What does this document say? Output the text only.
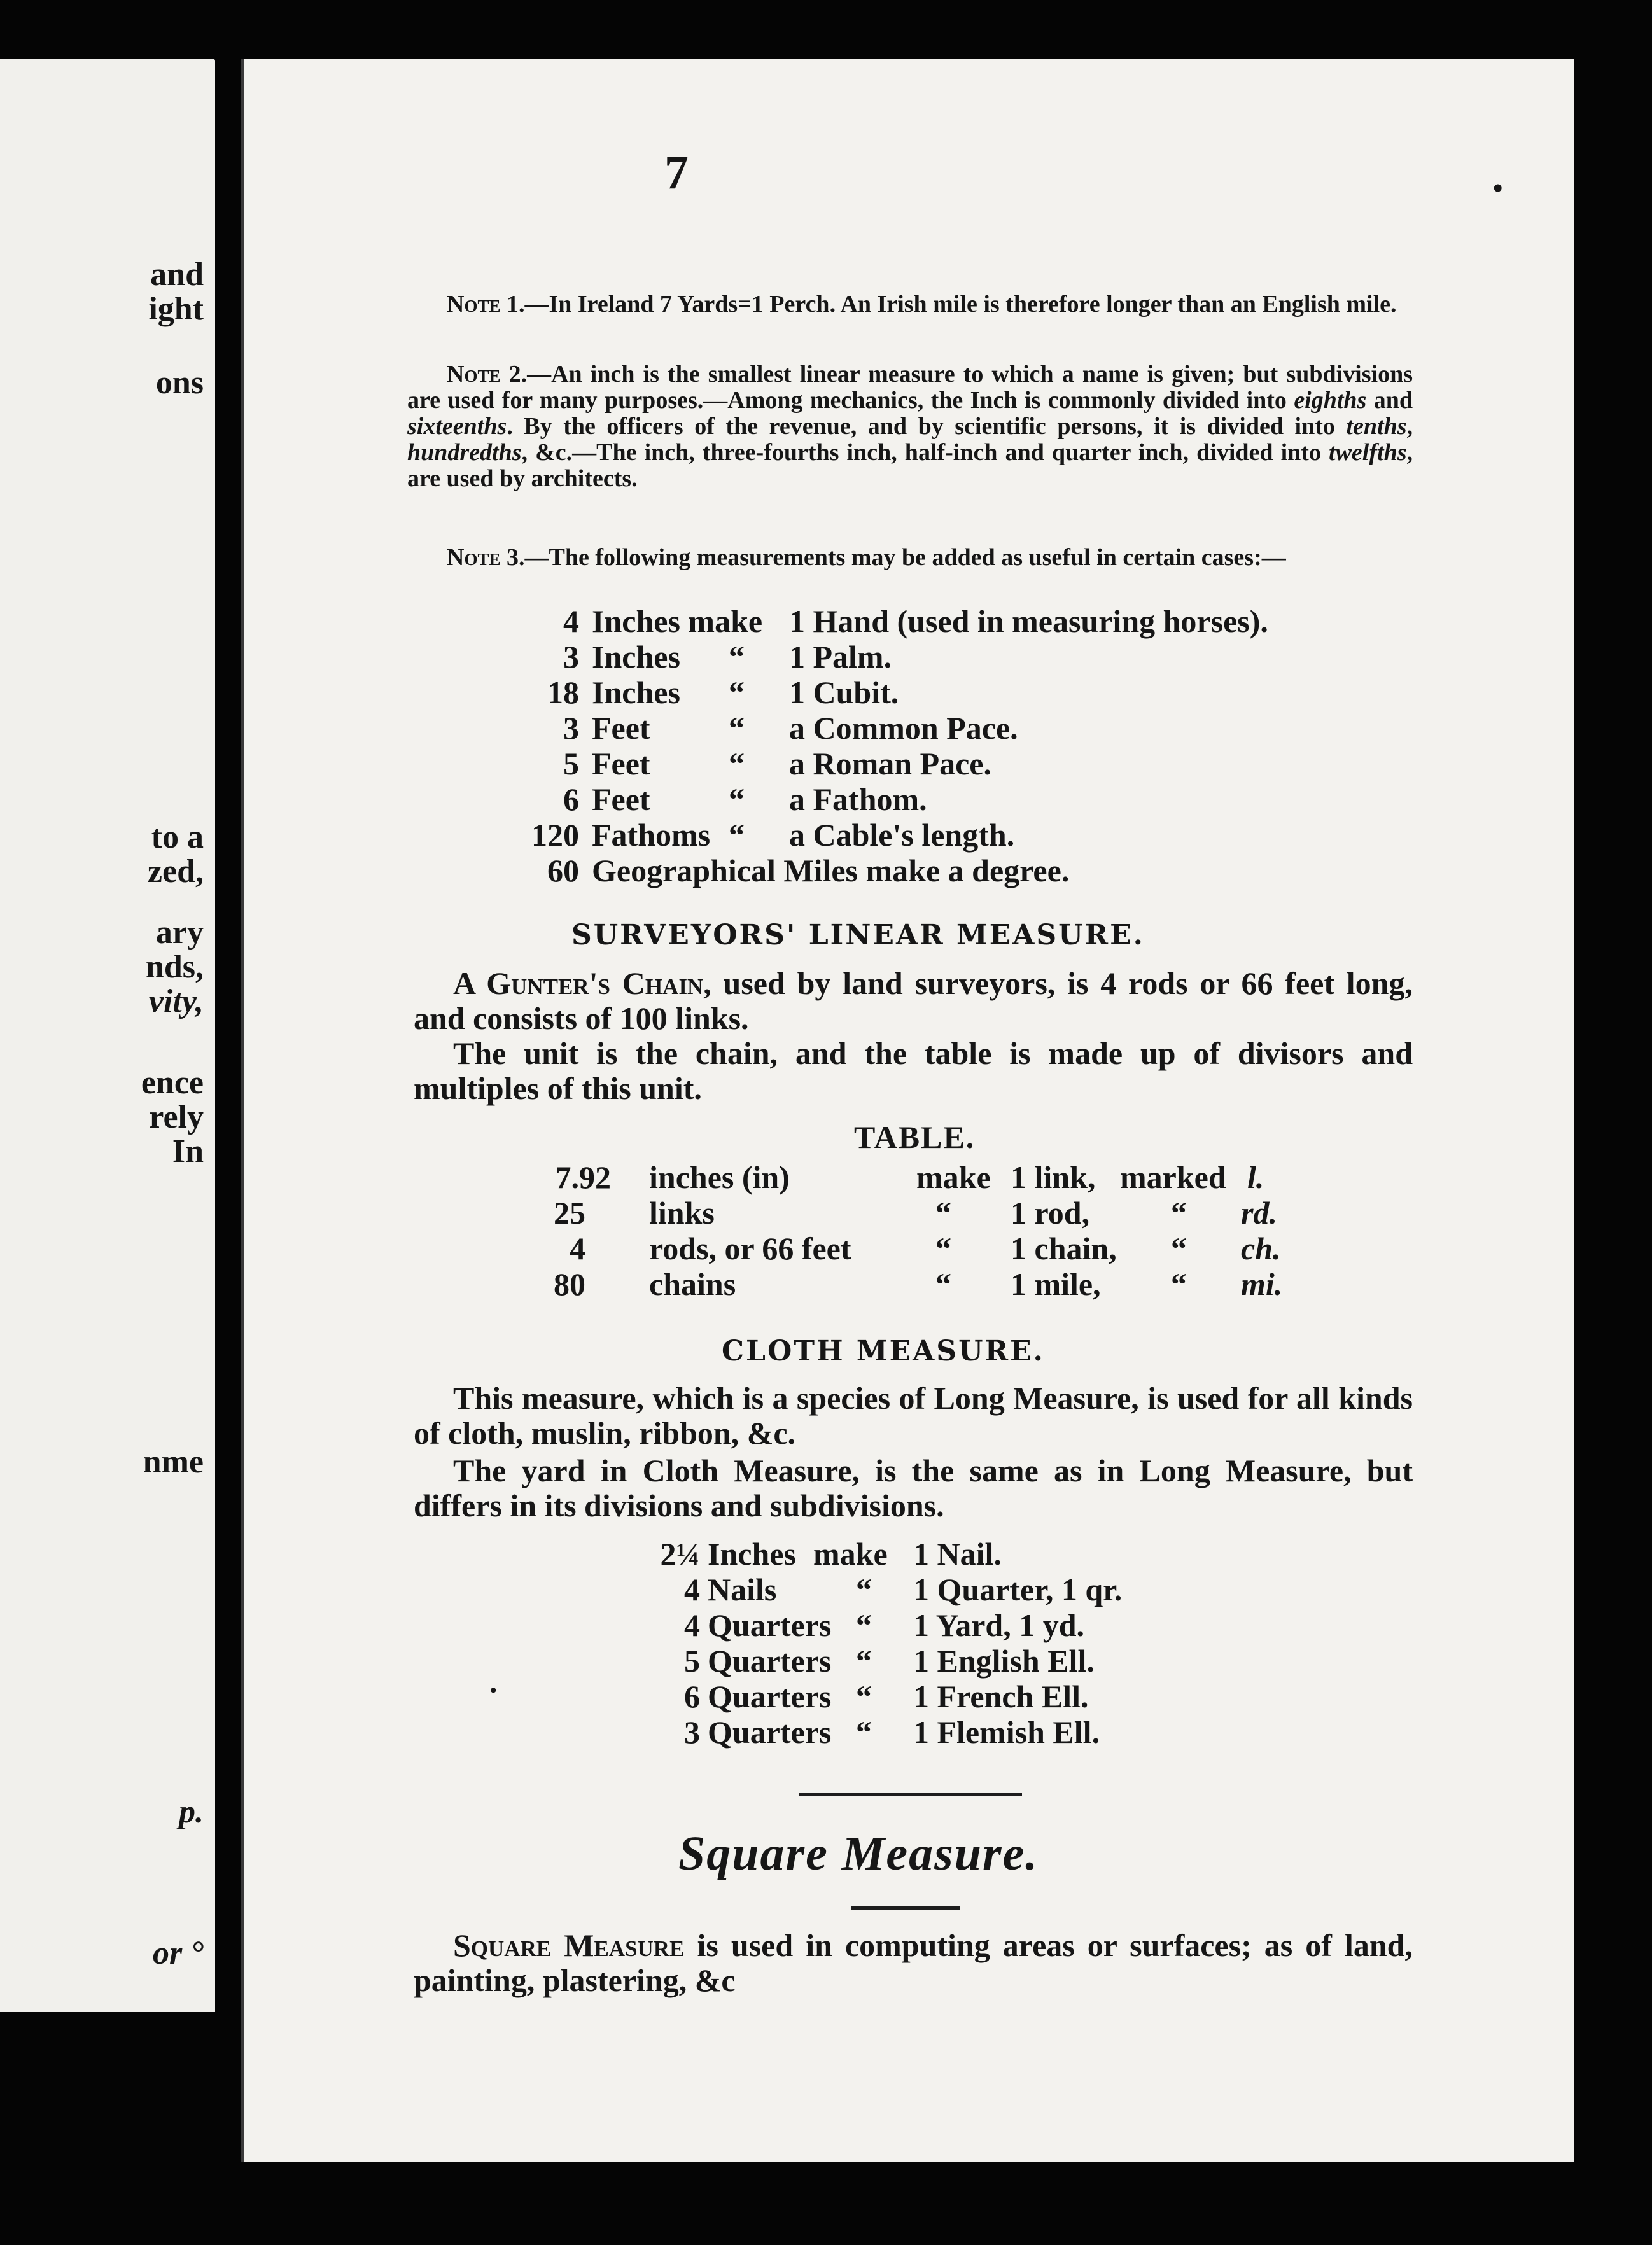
and
ight
ons
to a
zed,
ary
nds,
vity,
ence
rely
In
nme
p.
or °
7	•
•
Note 1.—In Ireland 7 Yards=1 Perch. An Irish mile is therefore longer than an English mile.
Note 2.—An inch is the smallest linear measure to which a name is given; but subdivisions are used for many purposes.—Among mechanics, the Inch is commonly divided into eighths and sixteenths. By the officers of the revenue, and by scientific persons, it is divided into tenths, hundredths, &c.—The inch, three-fourths inch, half-inch and quarter inch, divided into twelfths, are used by architects.
Note 3.—The following measurements may be added as useful in certain cases:—
4 Inches make 1 Hand (used in measuring horses).
3 Inches “ 1 Palm.
18 Inches “ 1 Cubit.
3 Feet “ a Common Pace.
5 Feet “ a Roman Pace.
6 Feet “ a Fathom.
120 Fathoms “ a Cable's length.
60 Geographical Miles make a degree.
SURVEYORS' LINEAR MEASURE.
A Gunter's Chain, used by land surveyors, is 4 rods or 66 feet long, and consists of 100 links.
The unit is the chain, and the table is made up of divisors and multiples of this unit.
TABLE.
7.92 inches (in)	make 1 link, marked l.
25 links	“ 1 rod,	“ rd.
4 rods, or 66 feet	“ 1 chain, “ ch.
80 chains	“ 1 mile, “ mi.
CLOTH MEASURE.
This measure, which is a species of Long Measure, is used for all kinds of cloth, muslin, ribbon, &c.
The yard in Cloth Measure, is the same as in Long Measure, but differs in its divisions and subdivisions.
2¼ Inches make 1 Nail.
4 Nails “ 1 Quarter, 1 qr.
4 Quarters “ 1 Yard, 1 yd.
5 Quarters “ 1 English Ell.
6 Quarters “ 1 French Ell.
3 Quarters “ 1 Flemish Ell.
Square Measure.
Square Measure is used in computing areas or surfaces; as of land, painting, plastering, &c
